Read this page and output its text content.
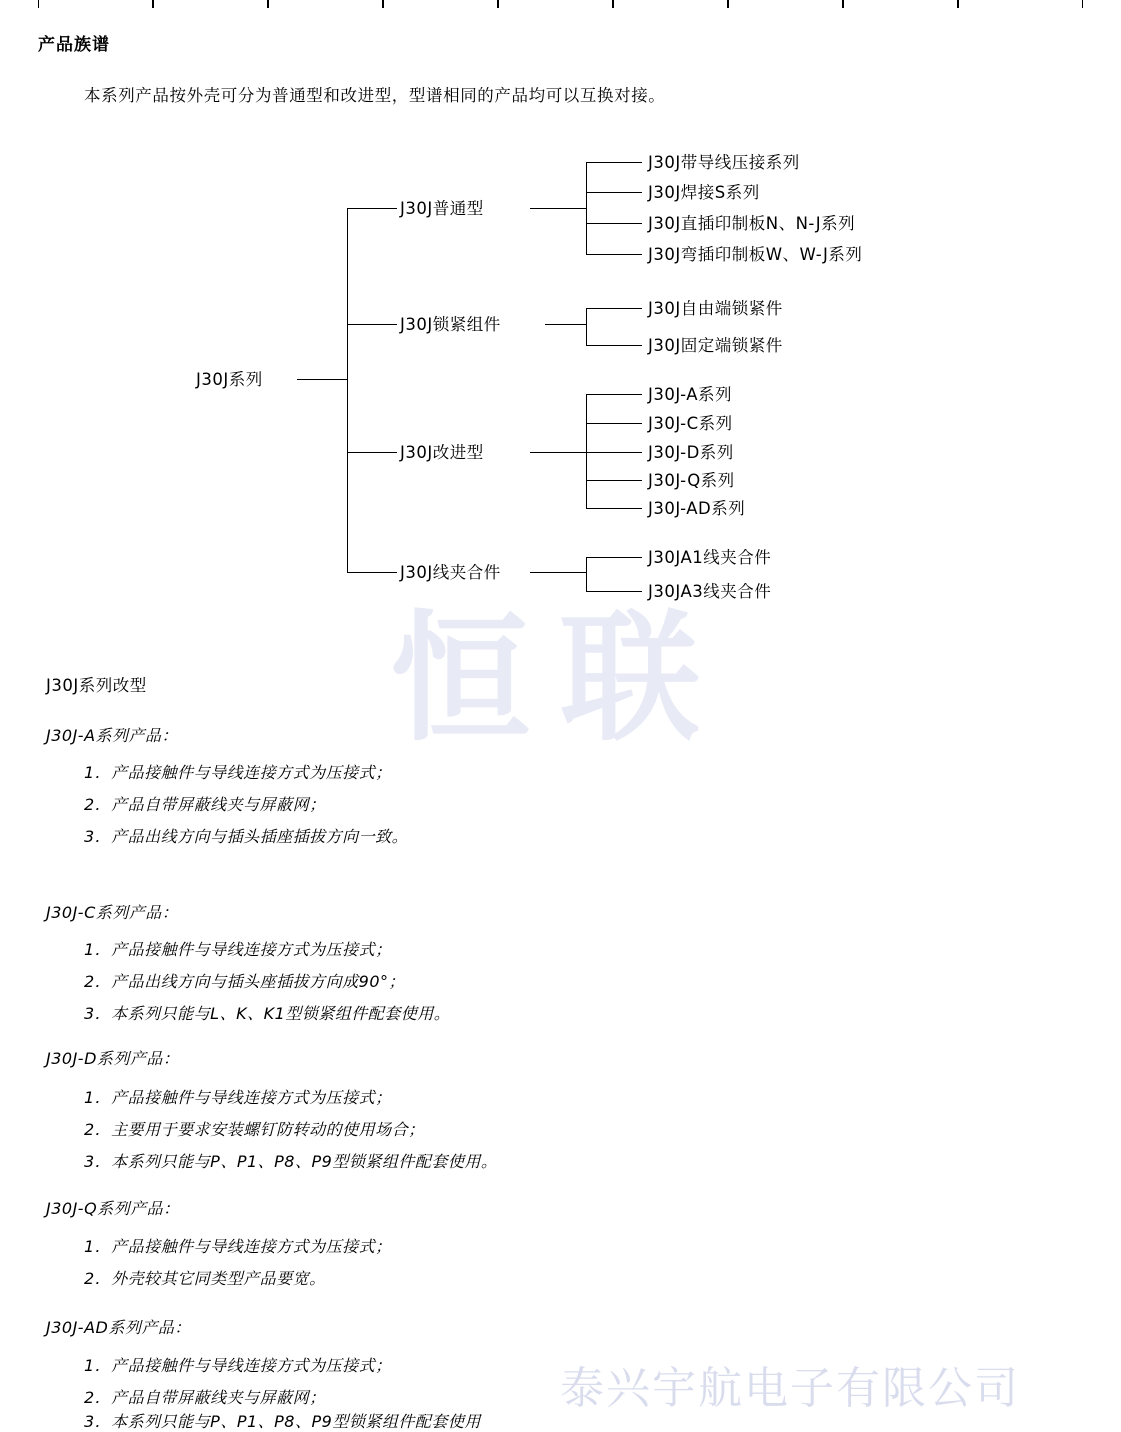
恒 联
泰兴宇航电子有限公司
产品族谱

本系列产品按外壳可分为普通型和改进型，型谱相同的产品均可以互换对接。

J30J系列
J30J普通型
J30J带导线压接系列
J30J焊接S系列
J30J直插印制板N、N-J系列
J30J弯插印制板W、W-J系列
J30J锁紧组件
J30J自由端锁紧件
J30J固定端锁紧件
J30J改进型
J30J-A系列
J30J-C系列
J30J-D系列
J30J-Q系列
J30J-AD系列
J30J线夹合件
J30JA1线夹合件
J30JA3线夹合件
J30J系列改型
J30J-A系列产品：
1．产品接触件与导线连接方式为压接式；
2．产品自带屏蔽线夹与屏蔽网；
3．产品出线方向与插头插座插拔方向一致。
J30J-C系列产品：
1．产品接触件与导线连接方式为压接式；
2．产品出线方向与插头座插拔方向成90°；
3．本系列只能与L、K、K1型锁紧组件配套使用。
J30J-D系列产品：
1．产品接触件与导线连接方式为压接式；
2．主要用于要求安装螺钉防转动的使用场合；
3．本系列只能与P、P1、P8、P9型锁紧组件配套使用。
J30J-Q系列产品：
1．产品接触件与导线连接方式为压接式；
2．外壳较其它同类型产品要宽。
J30J-AD系列产品：
1．产品接触件与导线连接方式为压接式；
2．产品自带屏蔽线夹与屏蔽网；
3．本系列只能与P、P1、P8、P9型锁紧组件配套使用
